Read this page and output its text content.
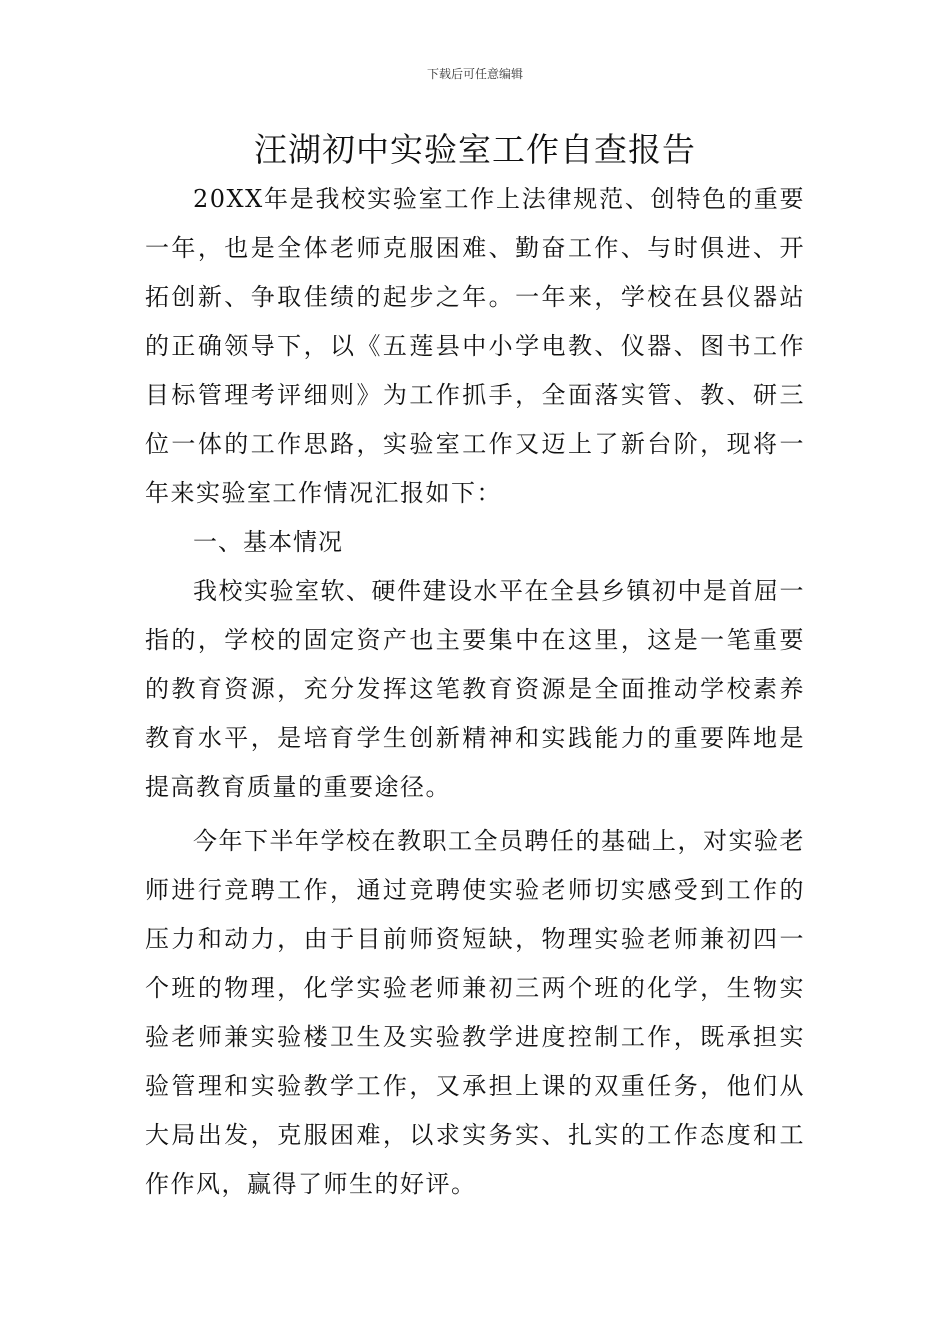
下载后可任意编辑
汪湖初中实验室工作自查报告

20XX年是我校实验室工作上法律规范、创特色的重要一年，也是全体老师克服困难、勤奋工作、与时俱进、开拓创新、争取佳绩的起步之年。一年来，学校在县仪器站的正确领导下，以《五莲县中小学电教、仪器、图书工作目标管理考评细则》为工作抓手，全面落实管、教、研三位一体的工作思路，实验室工作又迈上了新台阶，现将一年来实验室工作情况汇报如下：

一、基本情况

我校实验室软、硬件建设水平在全县乡镇初中是首屈一指的，学校的固定资产也主要集中在这里，这是一笔重要的教育资源，充分发挥这笔教育资源是全面推动学校素养教育水平，是培育学生创新精神和实践能力的重要阵地是提高教育质量的重要途径。

今年下半年学校在教职工全员聘任的基础上，对实验老师进行竞聘工作，通过竞聘使实验老师切实感受到工作的压力和动力，由于目前师资短缺，物理实验老师兼初四一个班的物理，化学实验老师兼初三两个班的化学，生物实验老师兼实验楼卫生及实验教学进度控制工作，既承担实验管理和实验教学工作，又承担上课的双重任务，他们从大局出发，克服困难，以求实务实、扎实的工作态度和工作作风，赢得了师生的好评。
